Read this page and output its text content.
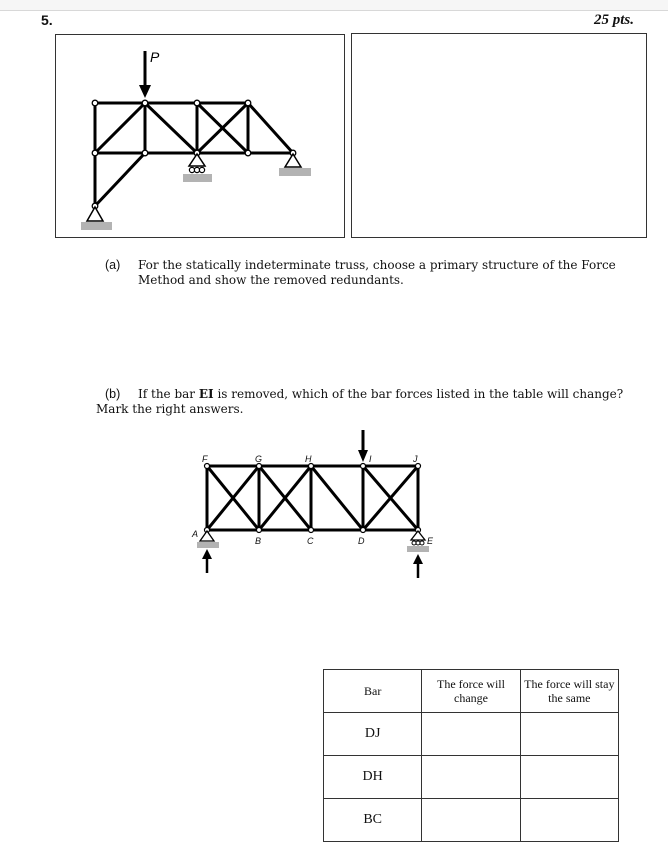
5.	25 pts.
P
(a) For the statically indeterminate truss, choose a primary structure of the Force Method and show the removed redundants.
(b) If the bar EI is removed, which of the bar forces listed in the table will change?
Mark the right answers.
F	G	H	I	J
A
B	C	D	E
Bar	The force will change	The force will stay the same
DJ		
DH		
BC		
